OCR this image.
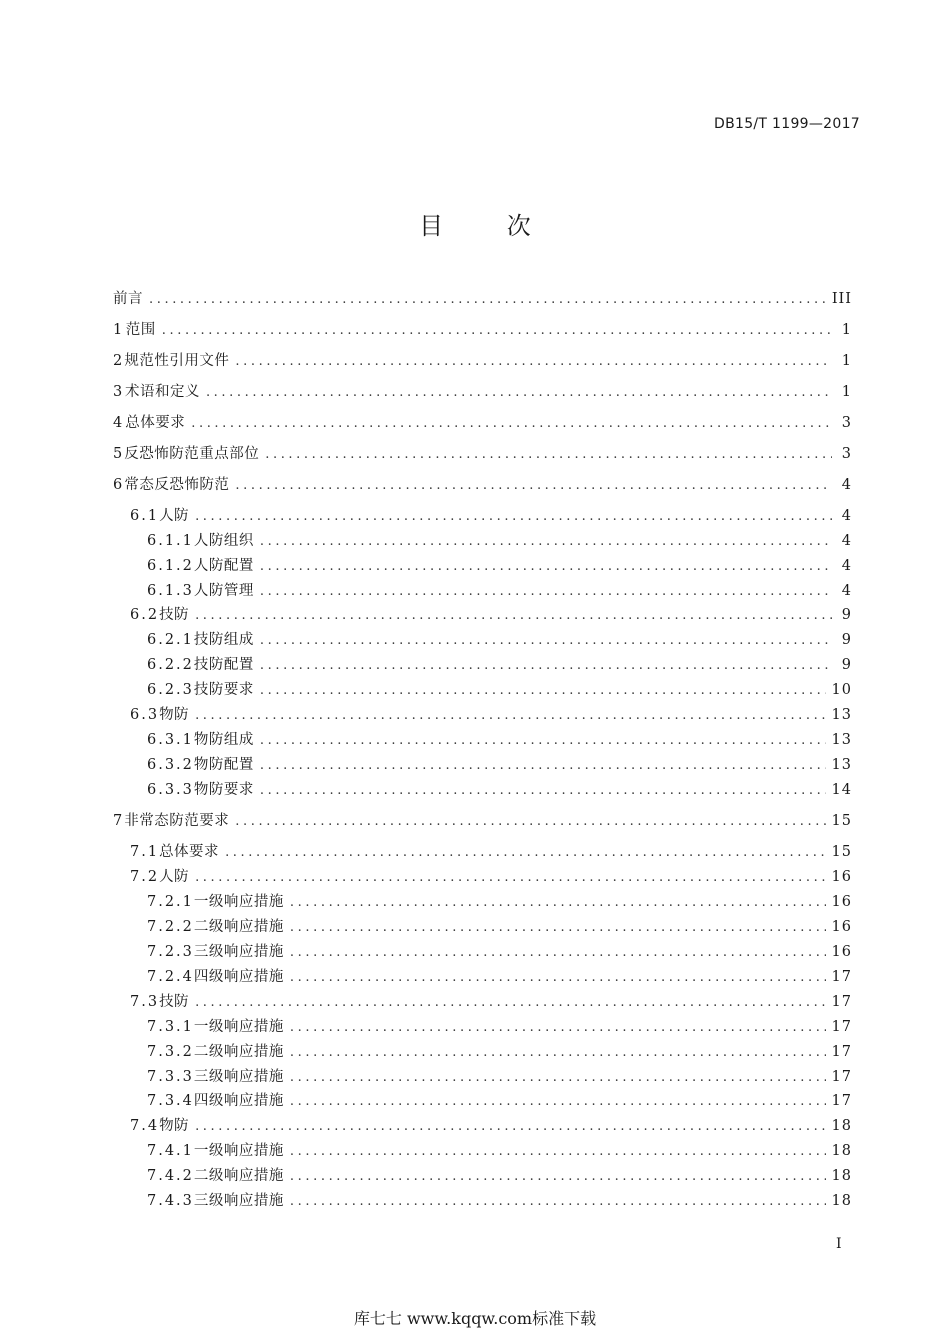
DB15/T 1199—2017
目 次
前言 .....	III
1 范围 .....	1
2 规范性引用文件 .....	1
3 术语和定义 .....	1
4 总体要求 .....	3
5 反恐怖防范重点部位 .....	3
6 常态反恐怖防范 .....	4
6.1 人防 .....	4
6.1.1 人防组织 .....	4
6.1.2 人防配置 .....	4
6.1.3 人防管理 .....	4
6.2 技防 .....	9
6.2.1 技防组成 .....	9
6.2.2 技防配置 .....	9
6.2.3 技防要求 .....	10
6.3 物防 .....	13
6.3.1 物防组成 .....	13
6.3.2 物防配置 .....	13
6.3.3 物防要求 .....	14
7 非常态防范要求 .....	15
7.1 总体要求 .....	15
7.2 人防 .....	16
7.2.1 一级响应措施 .....	16
7.2.2 二级响应措施 .....	16
7.2.3 三级响应措施 .....	16
7.2.4 四级响应措施 .....	17
7.3 技防 .....	17
7.3.1 一级响应措施 .....	17
7.3.2 二级响应措施 .....	17
7.3.3 三级响应措施 .....	17
7.3.4 四级响应措施 .....	17
7.4 物防 .....	18
7.4.1 一级响应措施 .....	18
7.4.2 二级响应措施 .....	18
7.4.3 三级响应措施 .....	18
I
库七七 www.kqqw.com标准下载
